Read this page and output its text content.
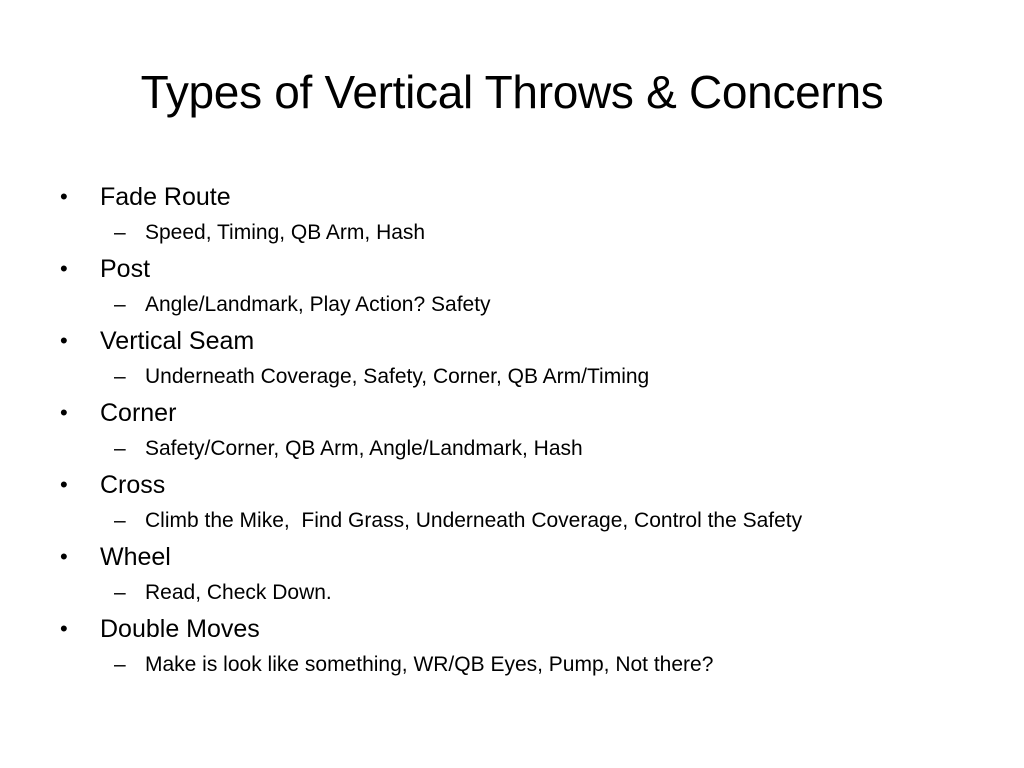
Types of Vertical Throws & Concerns
•	Fade Route
– Speed, Timing, QB Arm, Hash
•	Post
– Angle/Landmark, Play Action? Safety
•	Vertical Seam
– Underneath Coverage, Safety, Corner, QB Arm/Timing
•	Corner
– Safety/Corner, QB Arm, Angle/Landmark, Hash
•	Cross
– Climb the Mike,  Find Grass, Underneath Coverage, Control the Safety
•	Wheel
– Read, Check Down.
•	Double Moves
– Make is look like something, WR/QB Eyes, Pump, Not there?
